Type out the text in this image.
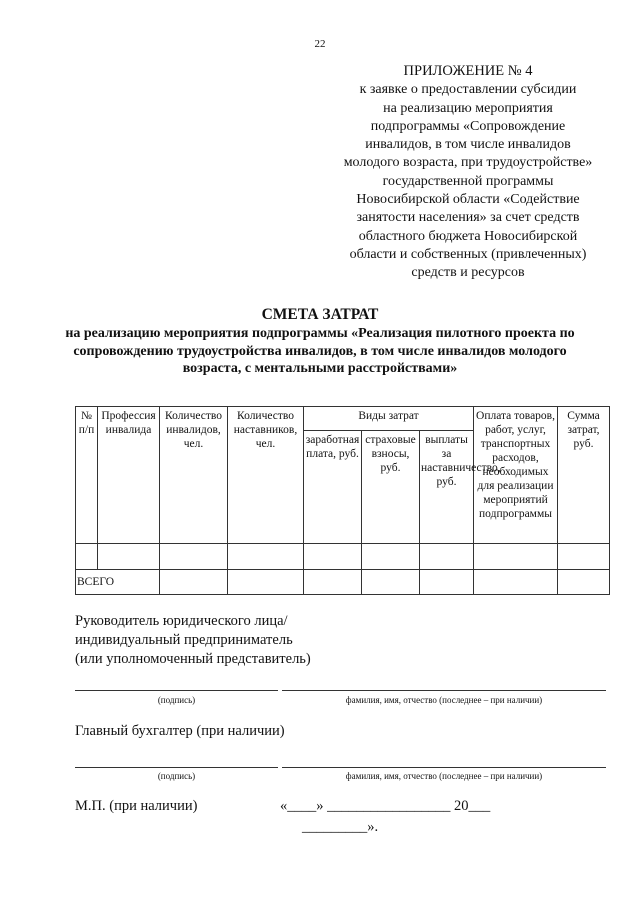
22
ПРИЛОЖЕНИЕ № 4
к заявке о предоставлении субсидии
на реализацию мероприятия
подпрограммы «Сопровождение
инвалидов, в том числе инвалидов
молодого возраста, при трудоустройстве»
государственной программы
Новосибирской области «Содействие
занятости населения» за счет средств
областного бюджета Новосибирской
области и собственных (привлеченных)
средств и ресурсов
СМЕТА ЗАТРАТ
на реализацию мероприятия подпрограммы «Реализация пилотного проекта по сопровождению трудоустройства инвалидов, в том числе инвалидов молодого возраста, с ментальными расстройствами»
№ п/п	Профессия инвалида	Количество инвалидов, чел.	Количество наставников, чел.	Виды затрат			Оплата товаров, работ, услуг, транспортных расходов, необходимых для реализации мероприятий подпрограммы	Сумма затрат, руб.
				заработная плата, руб.	страховые взносы, руб.	выплаты за наставничество, руб.		

ВСЕГО								
Руководитель юридического лица/
индивидуальный предприниматель
(или уполномоченный представитель)
(подпись)	фамилия, имя, отчество (последнее – при наличии)
Главный бухгалтер (при наличии)
(подпись)	фамилия, имя, отчество (последнее – при наличии)
М.П. (при наличии)	«____» _________________ 20___
_________».
